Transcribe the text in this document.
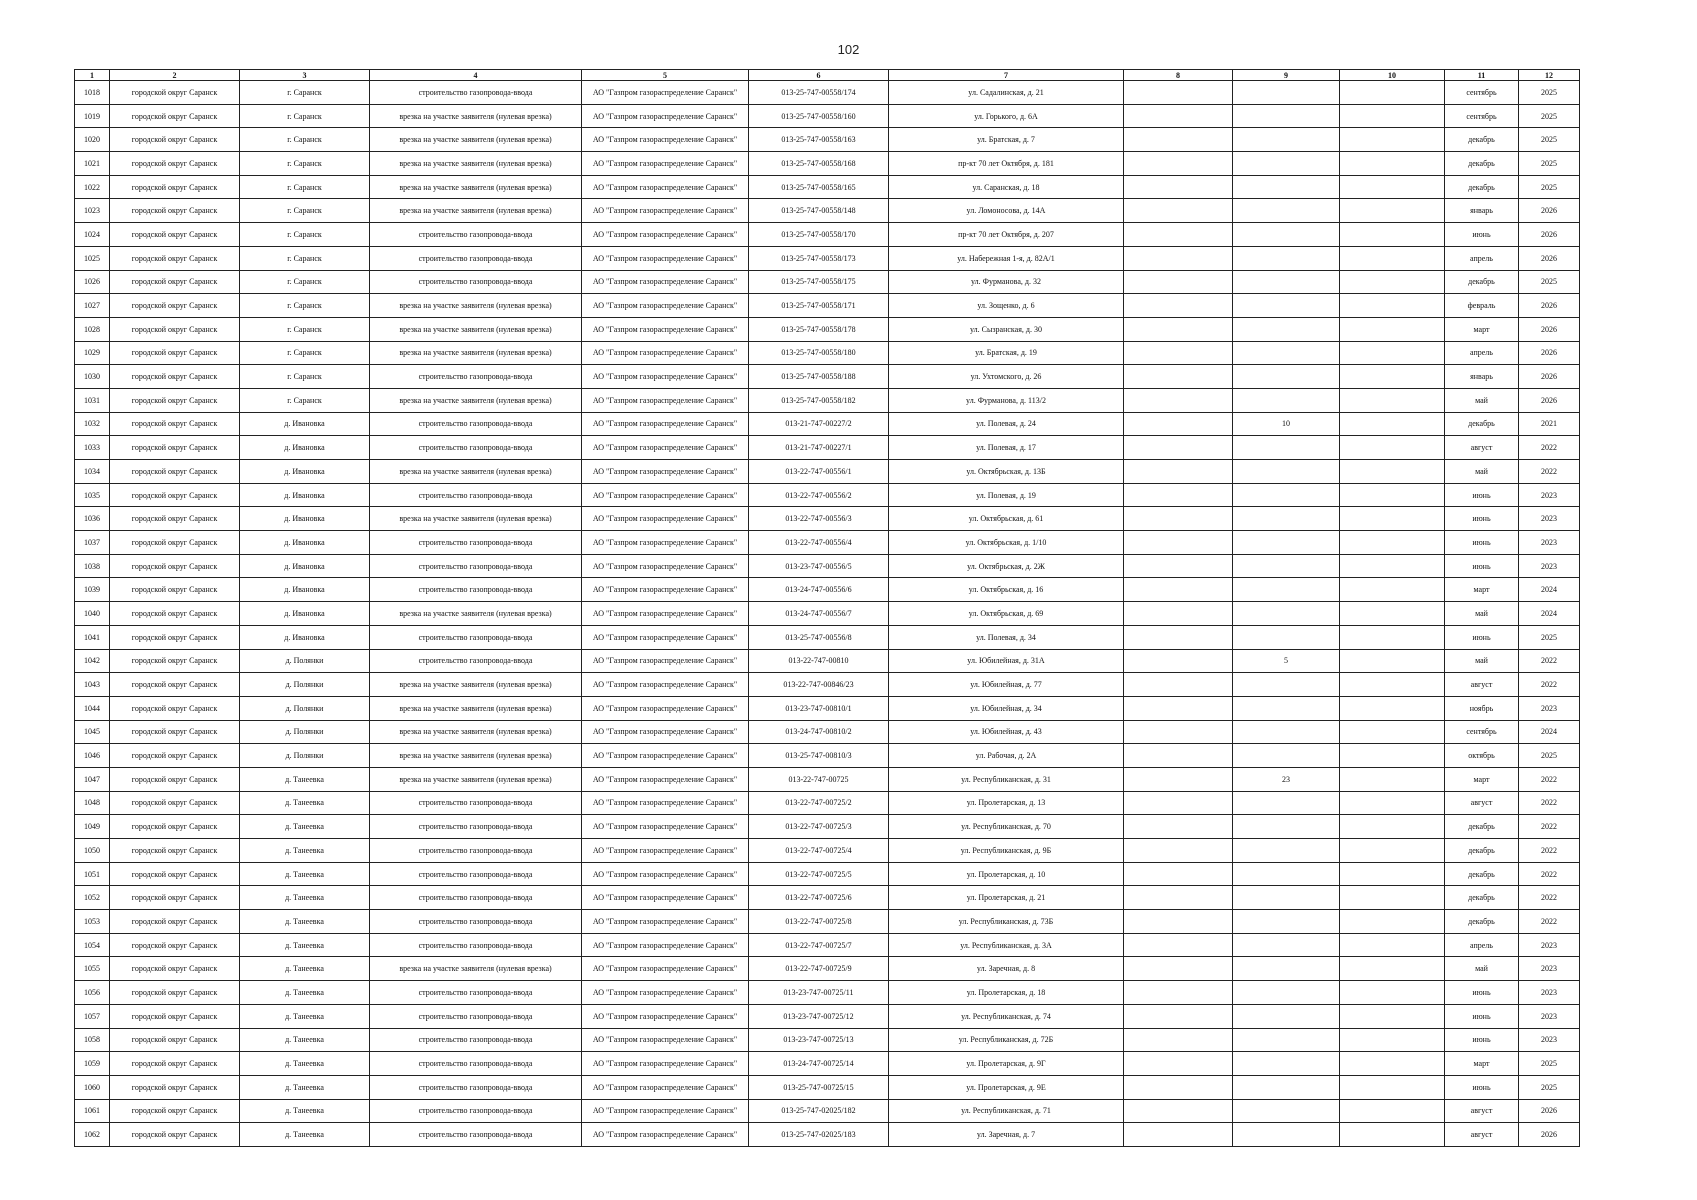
102
1	2	3	4	5	6	7	8	9	10	11	12
1018	городской округ Саранск	г. Саранск	строительство газопровода-ввода	АО "Газпром газораспределение Саранск"	013-25-747-00558/174	ул. Садалинская, д. 21				сентябрь	2025
1019	городской округ Саранск	г. Саранск	врезка на участке заявителя (нулевая врезка)	АО "Газпром газораспределение Саранск"	013-25-747-00558/160	ул. Горького, д. 6А				сентябрь	2025
1020	городской округ Саранск	г. Саранск	врезка на участке заявителя (нулевая врезка)	АО "Газпром газораспределение Саранск"	013-25-747-00558/163	ул. Братская, д. 7				декабрь	2025
1021	городской округ Саранск	г. Саранск	врезка на участке заявителя (нулевая врезка)	АО "Газпром газораспределение Саранск"	013-25-747-00558/168	пр-кт 70 лет Октября, д. 181				декабрь	2025
1022	городской округ Саранск	г. Саранск	врезка на участке заявителя (нулевая врезка)	АО "Газпром газораспределение Саранск"	013-25-747-00558/165	ул. Саранская, д. 18				декабрь	2025
1023	городской округ Саранск	г. Саранск	врезка на участке заявителя (нулевая врезка)	АО "Газпром газораспределение Саранск"	013-25-747-00558/148	ул. Ломоносова, д. 14А				январь	2026
1024	городской округ Саранск	г. Саранск	строительство газопровода-ввода	АО "Газпром газораспределение Саранск"	013-25-747-00558/170	пр-кт 70 лет Октября, д. 207				июнь	2026
1025	городской округ Саранск	г. Саранск	строительство газопровода-ввода	АО "Газпром газораспределение Саранск"	013-25-747-00558/173	ул. Набережная 1-я, д. 82А/1				апрель	2026
1026	городской округ Саранск	г. Саранск	строительство газопровода-ввода	АО "Газпром газораспределение Саранск"	013-25-747-00558/175	ул. Фурманова, д. 32				декабрь	2025
1027	городской округ Саранск	г. Саранск	врезка на участке заявителя (нулевая врезка)	АО "Газпром газораспределение Саранск"	013-25-747-00558/171	ул. Зощенко, д. 6				февраль	2026
1028	городской округ Саранск	г. Саранск	врезка на участке заявителя (нулевая врезка)	АО "Газпром газораспределение Саранск"	013-25-747-00558/178	ул. Сызранская, д. 30				март	2026
1029	городской округ Саранск	г. Саранск	врезка на участке заявителя (нулевая врезка)	АО "Газпром газораспределение Саранск"	013-25-747-00558/180	ул. Братская, д. 19				апрель	2026
1030	городской округ Саранск	г. Саранск	строительство газопровода-ввода	АО "Газпром газораспределение Саранск"	013-25-747-00558/188	ул. Ухтомского, д. 26				январь	2026
1031	городской округ Саранск	г. Саранск	врезка на участке заявителя (нулевая врезка)	АО "Газпром газораспределение Саранск"	013-25-747-00558/182	ул. Фурманова, д. 113/2				май	2026
1032	городской округ Саранск	д. Ивановка	строительство газопровода-ввода	АО "Газпром газораспределение Саранск"	013-21-747-00227/2	ул. Полевая, д. 24		10		декабрь	2021
1033	городской округ Саранск	д. Ивановка	строительство газопровода-ввода	АО "Газпром газораспределение Саранск"	013-21-747-00227/1	ул. Полевая, д. 17				август	2022
1034	городской округ Саранск	д. Ивановка	врезка на участке заявителя (нулевая врезка)	АО "Газпром газораспределение Саранск"	013-22-747-00556/1	ул. Октябрьская, д. 13Б				май	2022
1035	городской округ Саранск	д. Ивановка	строительство газопровода-ввода	АО "Газпром газораспределение Саранск"	013-22-747-00556/2	ул. Полевая, д. 19				июнь	2023
1036	городской округ Саранск	д. Ивановка	врезка на участке заявителя (нулевая врезка)	АО "Газпром газораспределение Саранск"	013-22-747-00556/3	ул. Октябрьская, д. 61				июнь	2023
1037	городской округ Саранск	д. Ивановка	строительство газопровода-ввода	АО "Газпром газораспределение Саранск"	013-22-747-00556/4	ул. Октябрьская, д. 1/10				июнь	2023
1038	городской округ Саранск	д. Ивановка	строительство газопровода-ввода	АО "Газпром газораспределение Саранск"	013-23-747-00556/5	ул. Октябрьская, д. 2Ж				июнь	2023
1039	городской округ Саранск	д. Ивановка	строительство газопровода-ввода	АО "Газпром газораспределение Саранск"	013-24-747-00556/6	ул. Октябрьская, д. 16				март	2024
1040	городской округ Саранск	д. Ивановка	врезка на участке заявителя (нулевая врезка)	АО "Газпром газораспределение Саранск"	013-24-747-00556/7	ул. Октябрьская, д. 69				май	2024
1041	городской округ Саранск	д. Ивановка	строительство газопровода-ввода	АО "Газпром газораспределение Саранск"	013-25-747-00556/8	ул. Полевая, д. 34				июнь	2025
1042	городской округ Саранск	д. Полянки	строительство газопровода-ввода	АО "Газпром газораспределение Саранск"	013-22-747-00810	ул. Юбилейная, д. 31А		5		май	2022
1043	городской округ Саранск	д. Полянки	врезка на участке заявителя (нулевая врезка)	АО "Газпром газораспределение Саранск"	013-22-747-00846/23	ул. Юбилейная, д. 77				август	2022
1044	городской округ Саранск	д. Полянки	врезка на участке заявителя (нулевая врезка)	АО "Газпром газораспределение Саранск"	013-23-747-00810/1	ул. Юбилейная, д. 34				ноябрь	2023
1045	городской округ Саранск	д. Полянки	врезка на участке заявителя (нулевая врезка)	АО "Газпром газораспределение Саранск"	013-24-747-00810/2	ул. Юбилейная, д. 43				сентябрь	2024
1046	городской округ Саранск	д. Полянки	врезка на участке заявителя (нулевая врезка)	АО "Газпром газораспределение Саранск"	013-25-747-00810/3	ул. Рабочая, д. 2А				октябрь	2025
1047	городской округ Саранск	д. Танеевка	врезка на участке заявителя (нулевая врезка)	АО "Газпром газораспределение Саранск"	013-22-747-00725	ул. Республиканская, д. 31		23		март	2022
1048	городской округ Саранск	д. Танеевка	строительство газопровода-ввода	АО "Газпром газораспределение Саранск"	013-22-747-00725/2	ул. Пролетарская, д. 13				август	2022
1049	городской округ Саранск	д. Танеевка	строительство газопровода-ввода	АО "Газпром газораспределение Саранск"	013-22-747-00725/3	ул. Республиканская, д. 70				декабрь	2022
1050	городской округ Саранск	д. Танеевка	строительство газопровода-ввода	АО "Газпром газораспределение Саранск"	013-22-747-00725/4	ул. Республиканская, д. 9Б				декабрь	2022
1051	городской округ Саранск	д. Танеевка	строительство газопровода-ввода	АО "Газпром газораспределение Саранск"	013-22-747-00725/5	ул. Пролетарская, д. 10				декабрь	2022
1052	городской округ Саранск	д. Танеевка	строительство газопровода-ввода	АО "Газпром газораспределение Саранск"	013-22-747-00725/6	ул. Пролетарская, д. 21				декабрь	2022
1053	городской округ Саранск	д. Танеевка	строительство газопровода-ввода	АО "Газпром газораспределение Саранск"	013-22-747-00725/8	ул. Республиканская, д. 73Б				декабрь	2022
1054	городской округ Саранск	д. Танеевка	строительство газопровода-ввода	АО "Газпром газораспределение Саранск"	013-22-747-00725/7	ул. Республиканская, д. 3А				апрель	2023
1055	городской округ Саранск	д. Танеевка	врезка на участке заявителя (нулевая врезка)	АО "Газпром газораспределение Саранск"	013-22-747-00725/9	ул. Заречная, д. 8				май	2023
1056	городской округ Саранск	д. Танеевка	строительство газопровода-ввода	АО "Газпром газораспределение Саранск"	013-23-747-00725/11	ул. Пролетарская, д. 18				июнь	2023
1057	городской округ Саранск	д. Танеевка	строительство газопровода-ввода	АО "Газпром газораспределение Саранск"	013-23-747-00725/12	ул. Республиканская, д. 74				июнь	2023
1058	городской округ Саранск	д. Танеевка	строительство газопровода-ввода	АО "Газпром газораспределение Саранск"	013-23-747-00725/13	ул. Республиканская, д. 72Б				июнь	2023
1059	городской округ Саранск	д. Танеевка	строительство газопровода-ввода	АО "Газпром газораспределение Саранск"	013-24-747-00725/14	ул. Пролетарская, д. 9Г				март	2025
1060	городской округ Саранск	д. Танеевка	строительство газопровода-ввода	АО "Газпром газораспределение Саранск"	013-25-747-00725/15	ул. Пролетарская, д. 9Е				июнь	2025
1061	городской округ Саранск	д. Танеевка	строительство газопровода-ввода	АО "Газпром газораспределение Саранск"	013-25-747-02025/182	ул. Республиканская, д. 71				август	2026
1062	городской округ Саранск	д. Танеевка	строительство газопровода-ввода	АО "Газпром газораспределение Саранск"	013-25-747-02025/183	ул. Заречная, д. 7				август	2026
